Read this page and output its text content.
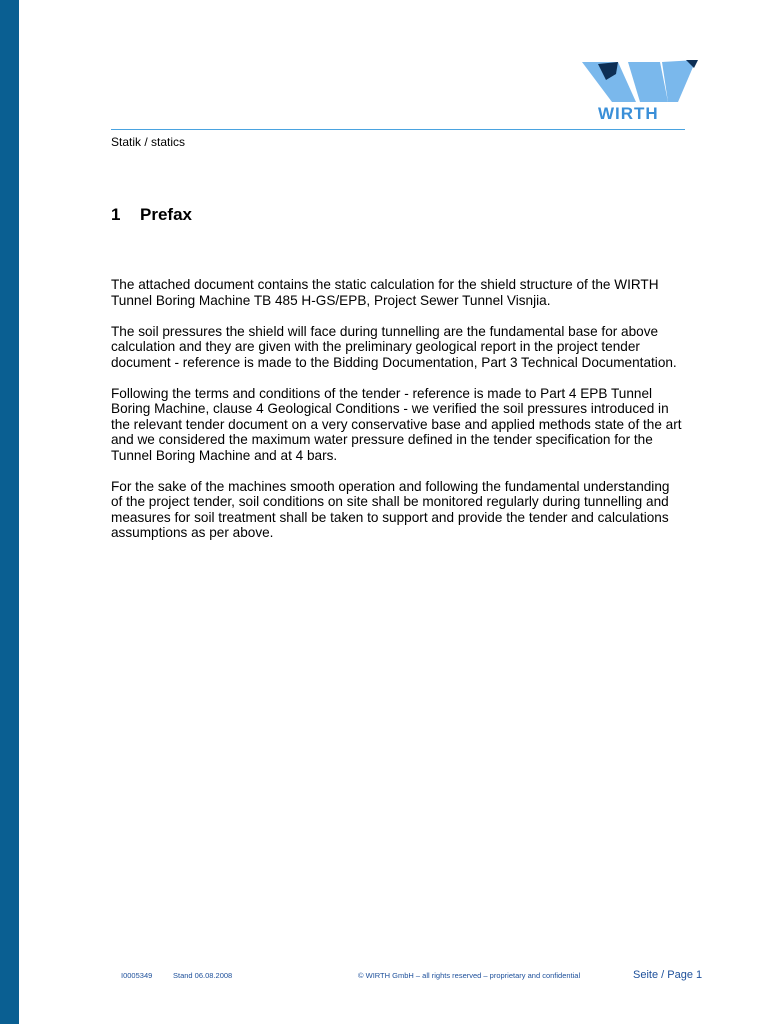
WIRTH
Statik / statics
1 Prefax

The attached document contains the static calculation for the shield structure of the WIRTH
Tunnel Boring Machine TB 485 H-GS/EPB, Project Sewer Tunnel Visnjia.

The soil pressures the shield will face during tunnelling are the fundamental base for above
calculation and they are given with the preliminary geological report in the project tender
document - reference is made to the Bidding Documentation, Part 3 Technical Documentation.

Following the terms and conditions of the tender - reference is made to Part 4 EPB Tunnel
Boring Machine, clause 4 Geological Conditions - we verified the soil pressures introduced in
the relevant tender document on a very conservative base and applied methods state of the art
and we considered the maximum water pressure defined in the tender specification for the
Tunnel Boring Machine and at 4 bars.

For the sake of the machines smooth operation and following the fundamental understanding
of the project tender, soil conditions on site shall be monitored regularly during tunnelling and
measures for soil treatment shall be taken to support and provide the tender and calculations
assumptions as per above.

I0005349	Stand 06.08.2008	© WIRTH GmbH – all rights reserved – proprietary and confidential	Seite / Page 1
